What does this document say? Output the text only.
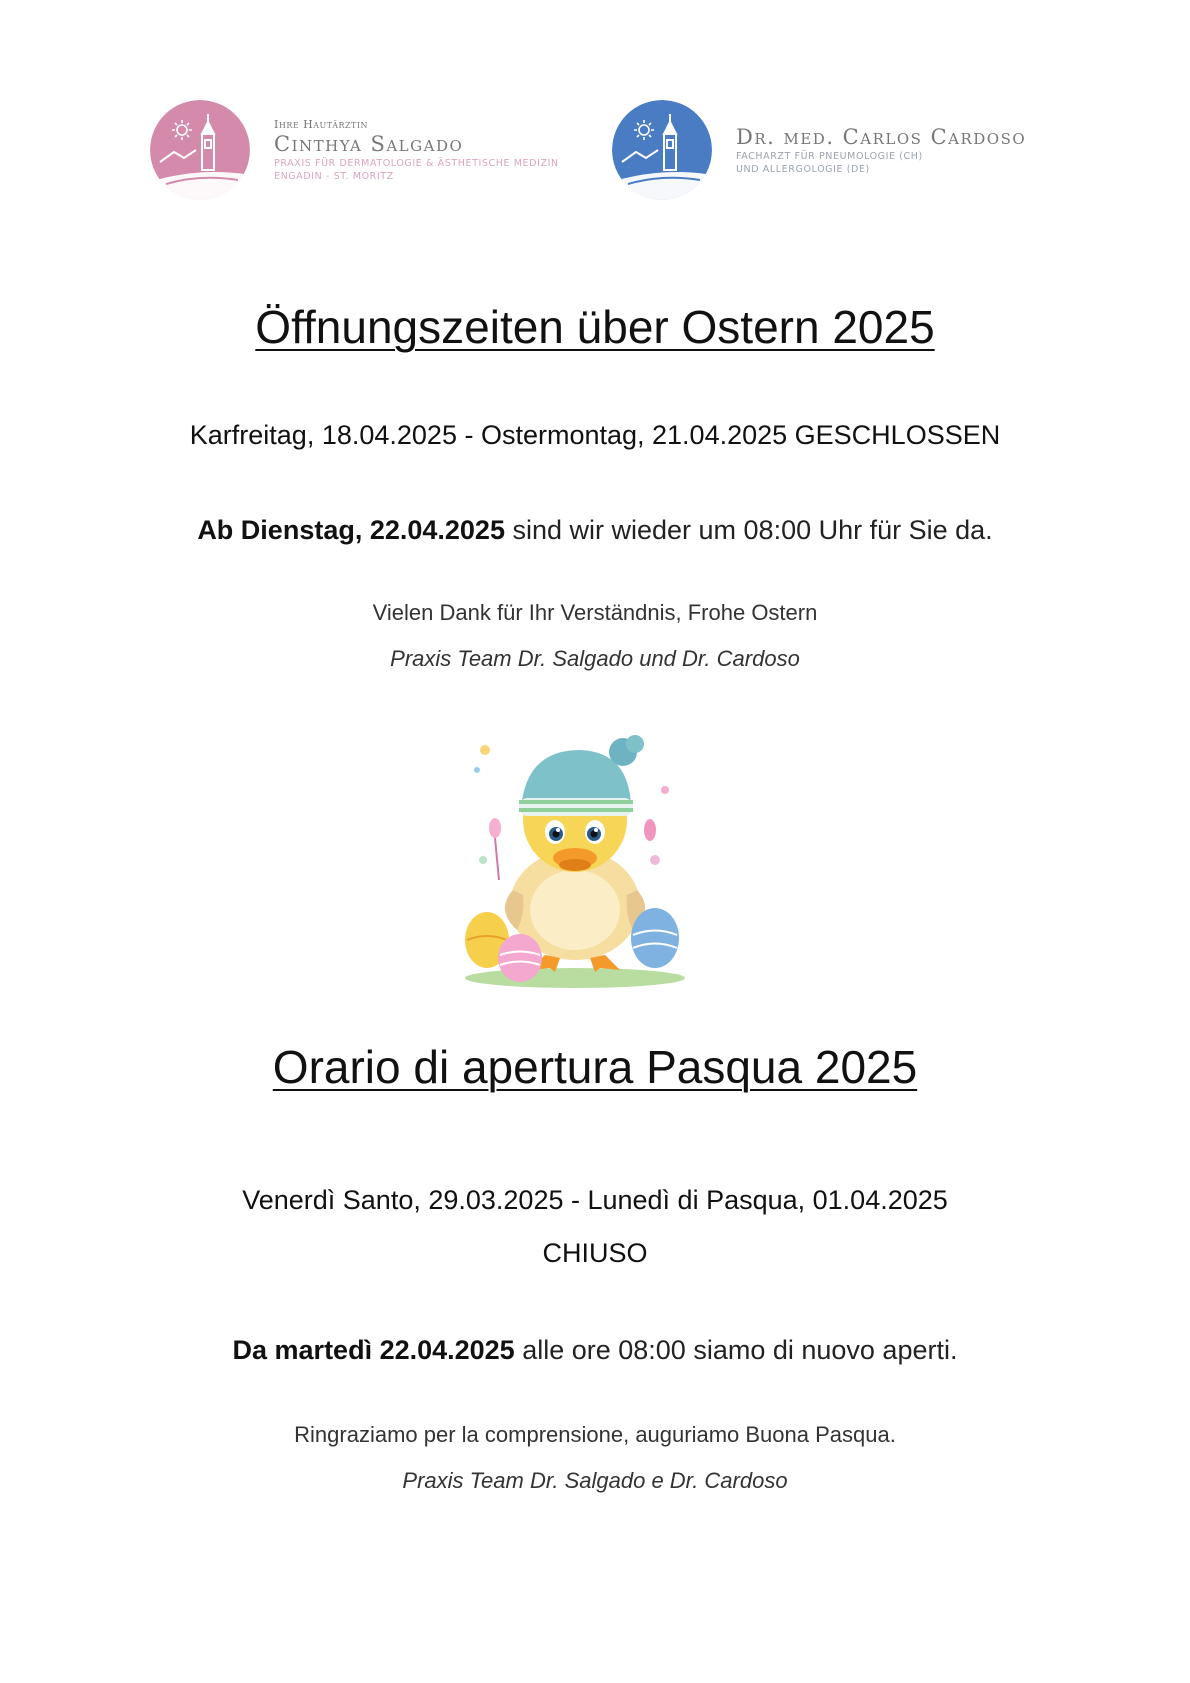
Ihre Hautärztin
Cinthya Salgado
PRAXIS FÜR DERMATOLOGIE & ÄSTHETISCHE MEDIZIN
ENGADIN - ST. MORITZ
Dr. med. Carlos Cardoso
FACHARZT FÜR PNEUMOLOGIE (CH)
UND ALLERGOLOGIE (DE)
Öffnungszeiten über Ostern 2025

Karfreitag, 18.04.2025 - Ostermontag, 21.04.2025 GESCHLOSSEN

Ab Dienstag, 22.04.2025 sind wir wieder um 08:00 Uhr für Sie da.

Vielen Dank für Ihr Verständnis, Frohe Ostern

Praxis Team Dr. Salgado und Dr. Cardoso

Orario di apertura Pasqua 2025

Venerdì Santo, 29.03.2025 - Lunedì di Pasqua, 01.04.2025

CHIUSO

Da martedì 22.04.2025 alle ore 08:00 siamo di nuovo aperti.

Ringraziamo per la comprensione, auguriamo Buona Pasqua.

Praxis Team Dr. Salgado e Dr. Cardoso
